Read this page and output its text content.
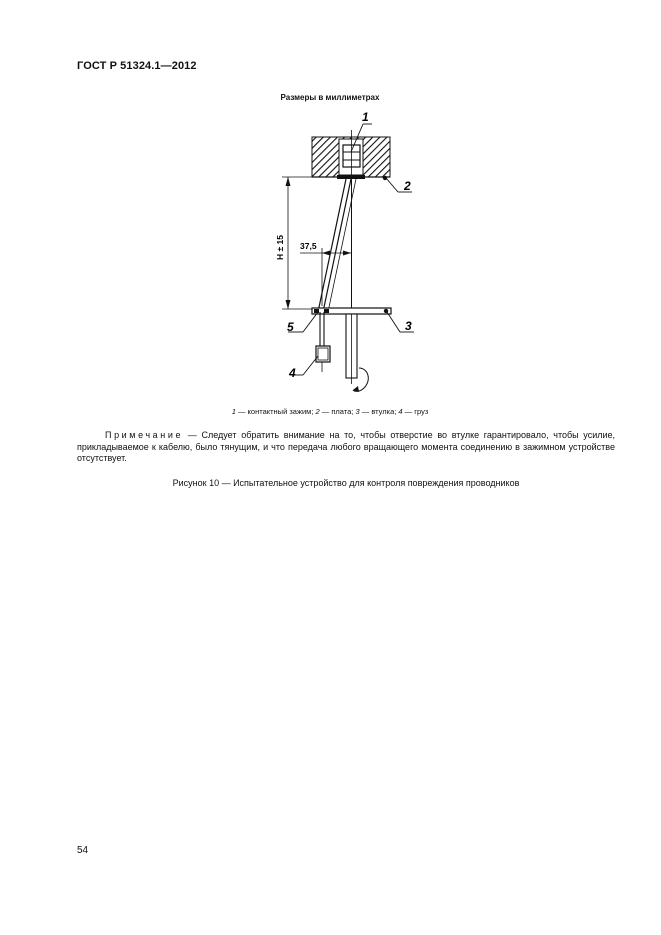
ГОСТ Р 51324.1—2012
Размеры в миллиметрах
H ± 15 37,5
1
2
3
5
4
1 — контактный зажим; 2 — плата; 3 — втулка; 4 — груз
Примечание — Следует обратить внимание на то, чтобы отверстие во втулке гарантировало, чтобы усилие, прикладываемое к кабелю, было тянущим, и что передача любого вращающего момента соединению в зажимном устройстве отсутствует.
Рисунок 10 — Испытательное устройство для контроля повреждения проводников
54
